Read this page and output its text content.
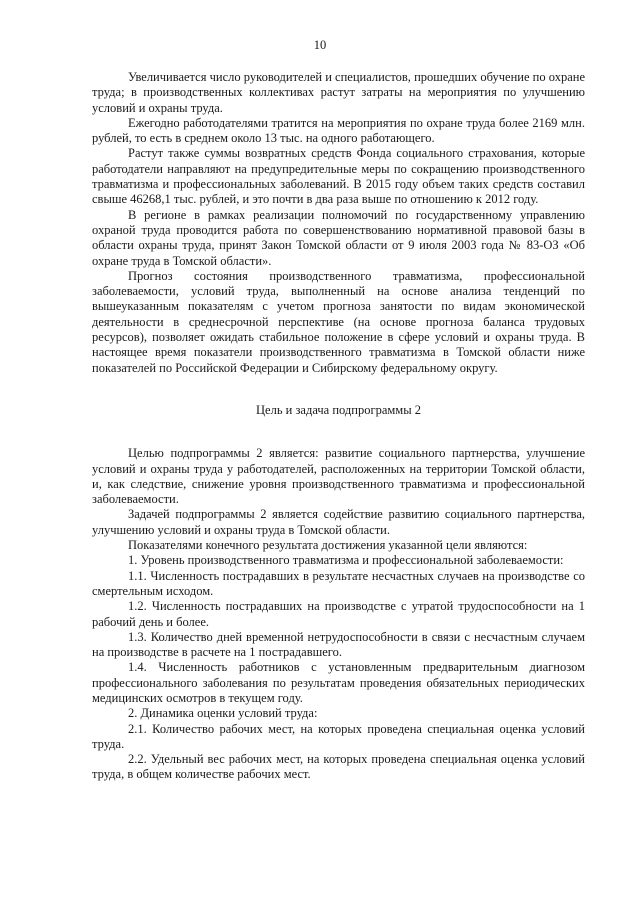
10

Увеличивается число руководителей и специалистов, прошедших обучение по охране труда; в производственных коллективах растут затраты на мероприятия по улучшению условий и охраны труда.

Ежегодно работодателями тратится на мероприятия по охране труда более 2169 млн. рублей, то есть в среднем около 13 тыс. на одного работающего.

Растут также суммы возвратных средств Фонда социального страхования, которые работодатели направляют на предупредительные меры по сокращению производственного травматизма и профессиональных заболеваний. В 2015 году объем таких средств составил свыше 46268,1 тыс. рублей, и это почти в два раза выше по отношению к 2012 году.

В регионе в рамках реализации полномочий по государственному управлению охраной труда проводится работа по совершенствованию нормативной правовой базы в области охраны труда, принят Закон Томской области от 9 июля 2003 года № 83-ОЗ «Об охране труда в Томской области».

Прогноз состояния производственного травматизма, профессиональной заболеваемости, условий труда, выполненный на основе анализа тенденций по вышеуказанным показателям с учетом прогноза занятости по видам экономической деятельности в среднесрочной перспективе (на основе прогноза баланса трудовых ресурсов), позволяет ожидать стабильное положение в сфере условий и охраны труда. В настоящее время показатели производственного травматизма в Томской области ниже показателей по Российской Федерации и Сибирскому федеральному округу.

Цель и задача подпрограммы 2

Целью подпрограммы 2 является: развитие социального партнерства, улучшение условий и охраны труда у работодателей, расположенных на территории Томской области, и, как следствие, снижение уровня производственного травматизма и профессиональной заболеваемости.

Задачей подпрограммы 2 является содействие развитию социального партнерства, улучшению условий и охраны труда в Томской области.

Показателями конечного результата достижения указанной цели являются:

1. Уровень производственного травматизма и профессиональной заболеваемости:

1.1. Численность пострадавших в результате несчастных случаев на производстве со смертельным исходом.

1.2. Численность пострадавших на производстве с утратой трудоспособности на 1 рабочий день и более.

1.3. Количество дней временной нетрудоспособности в связи с несчастным случаем на производстве в расчете на 1 пострадавшего.

1.4. Численность работников с установленным предварительным диагнозом профессионального заболевания по результатам проведения обязательных периодических медицинских осмотров в текущем году.

2. Динамика оценки условий труда:

2.1. Количество рабочих мест, на которых проведена специальная оценка условий труда.

2.2. Удельный вес рабочих мест, на которых проведена специальная оценка условий труда, в общем количестве рабочих мест.
